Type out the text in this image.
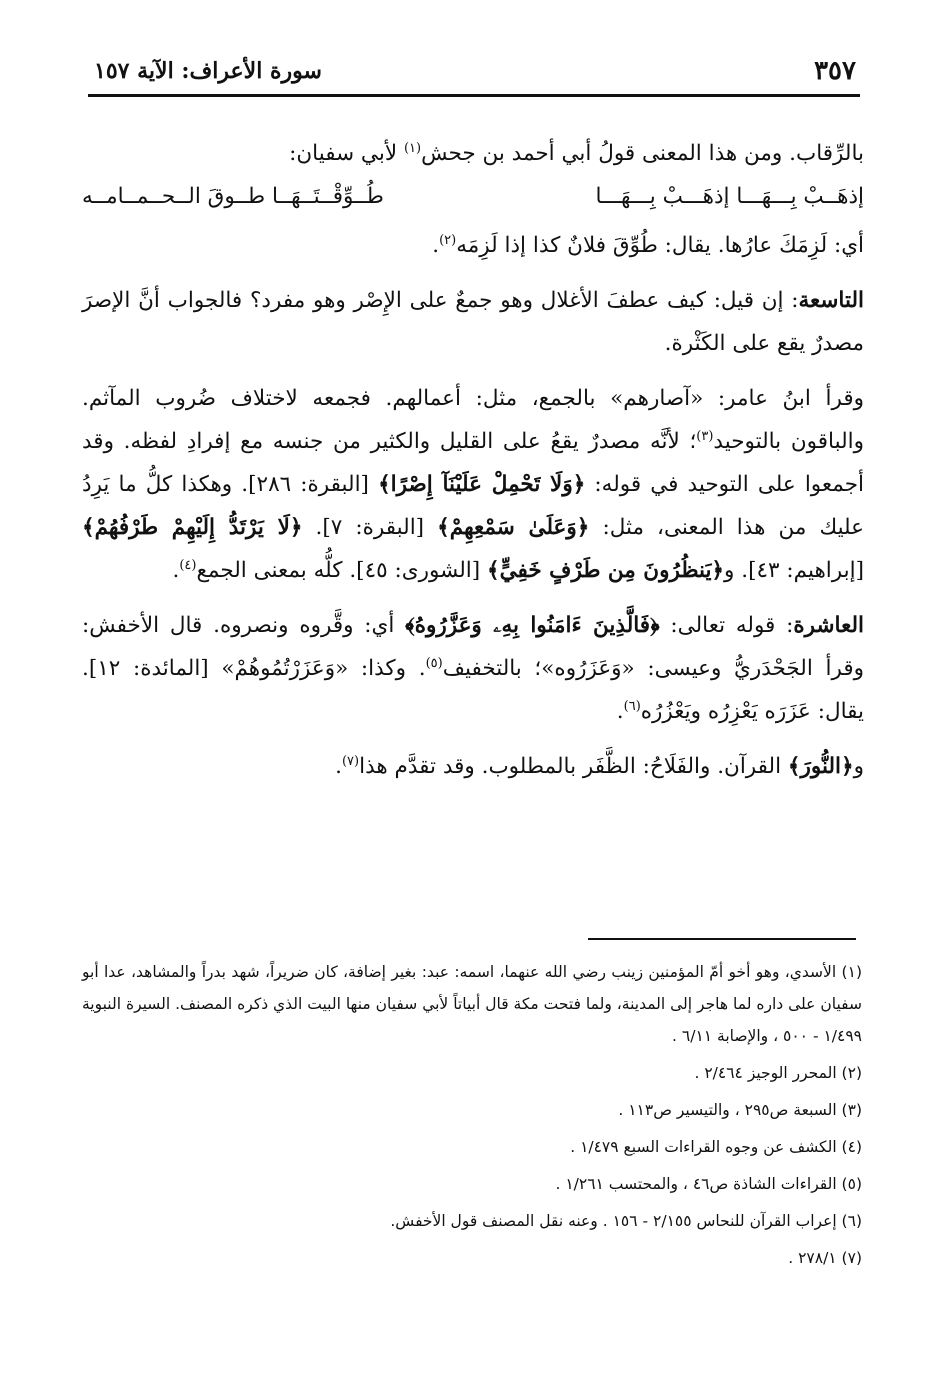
٣٥٧
سورة الأعراف: الآية ١٥٧

بالرِّقاب. ومن هذا المعنى قولُ أبي أحمد بن جحش$^{(١)}$ لأبي سفيان:

إذهَــبْ بِـــهَـــا إذهَـــبْ بِـــهَـــا
طُــوِّقْــتَــهَــا طــوقَ الــحــمــامــه

أي: لَزِمَكَ عارُها. يقال: طُوِّقَ فلانٌ كذا إذا لَزِمَه$^{(٢)}$.

التاسعة: إن قيل: كيف عطفَ الأغلال وهو جمعٌ على الإِصْر وهو مفرد؟ فالجواب أنَّ الإصرَ مصدرٌ يقع على الكَثْرة.

وقرأ ابنُ عامر: «آصارهم» بالجمع، مثل: أعمالهم. فجمعه لاختلاف ضُروب المآثم. والباقون بالتوحيد$^{(٣)}$؛ لأنَّه مصدرٌ يقعُ على القليل والكثير من جنسه مع إفرادِ لفظه. وقد أجمعوا على التوحيد في قوله: ﴿وَلَا تَحْمِلْ عَلَيْنَآ إِصْرًا﴾ [البقرة: ٢٨٦]. وهكذا كلُّ ما يَرِدُ عليك من هذا المعنى، مثل: ﴿وَعَلَىٰ سَمْعِهِمْ﴾ [البقرة: ٧]. ﴿لَا يَرْتَدُّ إِلَيْهِمْ طَرْفُهُمْ﴾ [إبراهيم: ٤٣]. و﴿يَنظُرُونَ مِن طَرْفٍ خَفِيٍّ﴾ [الشورى: ٤٥]. كلُّه بمعنى الجمع$^{(٤)}$.

العاشرة: قوله تعالى: ﴿فَالَّذِينَ ءَامَنُوا بِهِۦ وَعَزَّرُوهُ﴾ أي: وقَّروه ونصروه. قال الأخفش: وقرأ الجَحْدَريُّ وعيسى: «وَعَزَرُوه»؛ بالتخفيف$^{(٥)}$. وكذا: «وَعَزَرْتُمُوهُمْ» [المائدة: ١٢]. يقال: عَزَرَه يَعْزِرُه ويَعْزُرُه$^{(٦)}$.

و﴿النُّورَ﴾ القرآن. والفَلَاحُ: الظَّفَر بالمطلوب. وقد تقدَّم هذا$^{(٧)}$.

(١) الأسدي، وهو أخو أمّ المؤمنين زينب رضي الله عنهما، اسمه: عبد: بغير إضافة، كان ضريراً، شهد بدراً والمشاهد، عدا أبو سفيان على داره لما هاجر إلى المدينة، ولما فتحت مكة قال أبياتاً لأبي سفيان منها البيت الذي ذكره المصنف. السيرة النبوية ١/٤٩٩ - ٥٠٠ ، والإصابة ٦/١١ .

(٢) المحرر الوجيز ٢/٤٦٤ .

(٣) السبعة ص٢٩٥ ، والتيسير ص١١٣ .

(٤) الكشف عن وجوه القراءات السبع ١/٤٧٩ .

(٥) القراءات الشاذة ص٤٦ ، والمحتسب ١/٢٦١ .

(٦) إعراب القرآن للنحاس ٢/١٥٥ - ١٥٦ . وعنه نقل المصنف قول الأخفش.

(٧) ٢٧٨/١ .
